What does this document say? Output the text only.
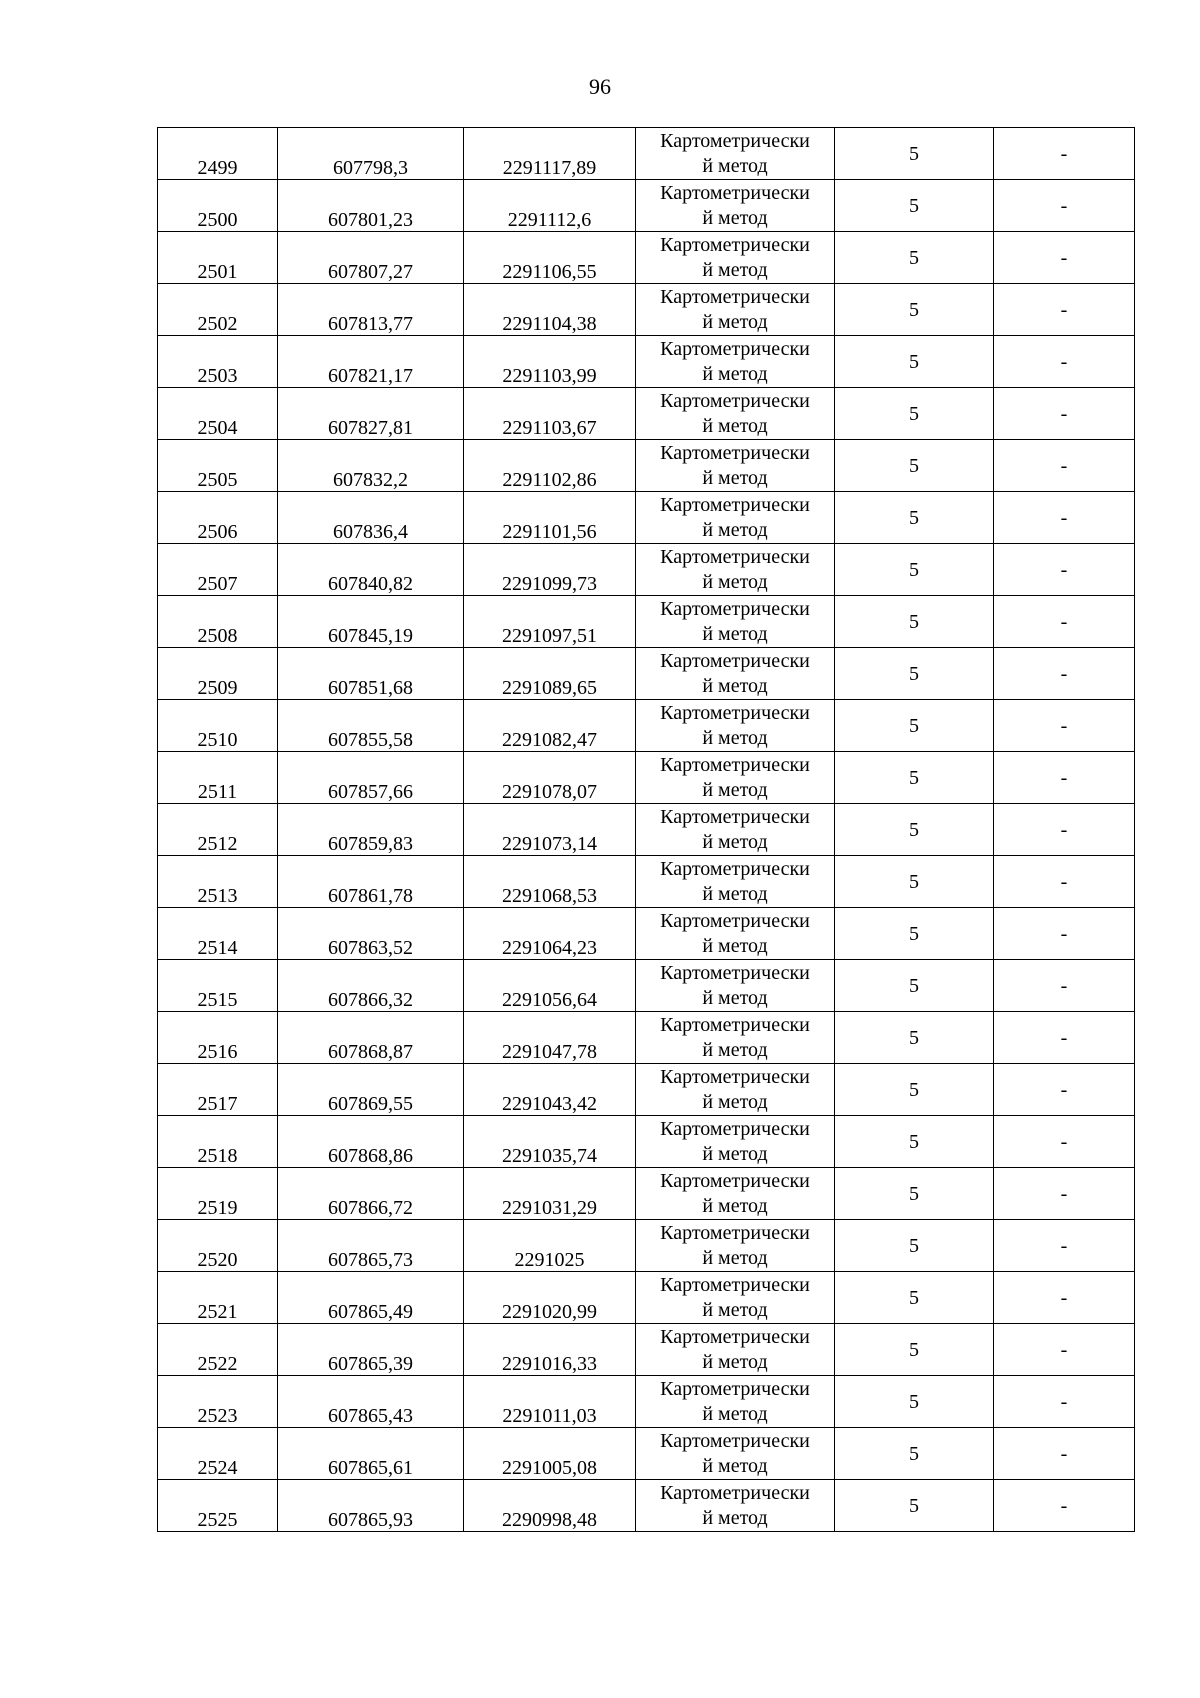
96
2499	607798,3	2291117,89	Картометрически
й метод	5	-

2500	607801,23	2291112,6	Картометрически
й метод	5	-

2501	607807,27	2291106,55	Картометрически
й метод	5	-

2502	607813,77	2291104,38	Картометрически
й метод	5	-

2503	607821,17	2291103,99	Картометрически
й метод	5	-

2504	607827,81	2291103,67	Картометрически
й метод	5	-

2505	607832,2	2291102,86	Картометрически
й метод	5	-

2506	607836,4	2291101,56	Картометрически
й метод	5	-

2507	607840,82	2291099,73	Картометрически
й метод	5	-

2508	607845,19	2291097,51	Картометрически
й метод	5	-

2509	607851,68	2291089,65	Картометрически
й метод	5	-

2510	607855,58	2291082,47	Картометрически
й метод	5	-

2511	607857,66	2291078,07	Картометрически
й метод	5	-

2512	607859,83	2291073,14	Картометрически
й метод	5	-

2513	607861,78	2291068,53	Картометрически
й метод	5	-

2514	607863,52	2291064,23	Картометрически
й метод	5	-

2515	607866,32	2291056,64	Картометрически
й метод	5	-

2516	607868,87	2291047,78	Картометрически
й метод	5	-

2517	607869,55	2291043,42	Картометрически
й метод	5	-

2518	607868,86	2291035,74	Картометрически
й метод	5	-

2519	607866,72	2291031,29	Картометрически
й метод	5	-

2520	607865,73	2291025	Картометрически
й метод	5	-

2521	607865,49	2291020,99	Картометрически
й метод	5	-

2522	607865,39	2291016,33	Картометрически
й метод	5	-

2523	607865,43	2291011,03	Картометрически
й метод	5	-

2524	607865,61	2291005,08	Картометрически
й метод	5	-

2525	607865,93	2290998,48	Картометрически
й метод	5	-
